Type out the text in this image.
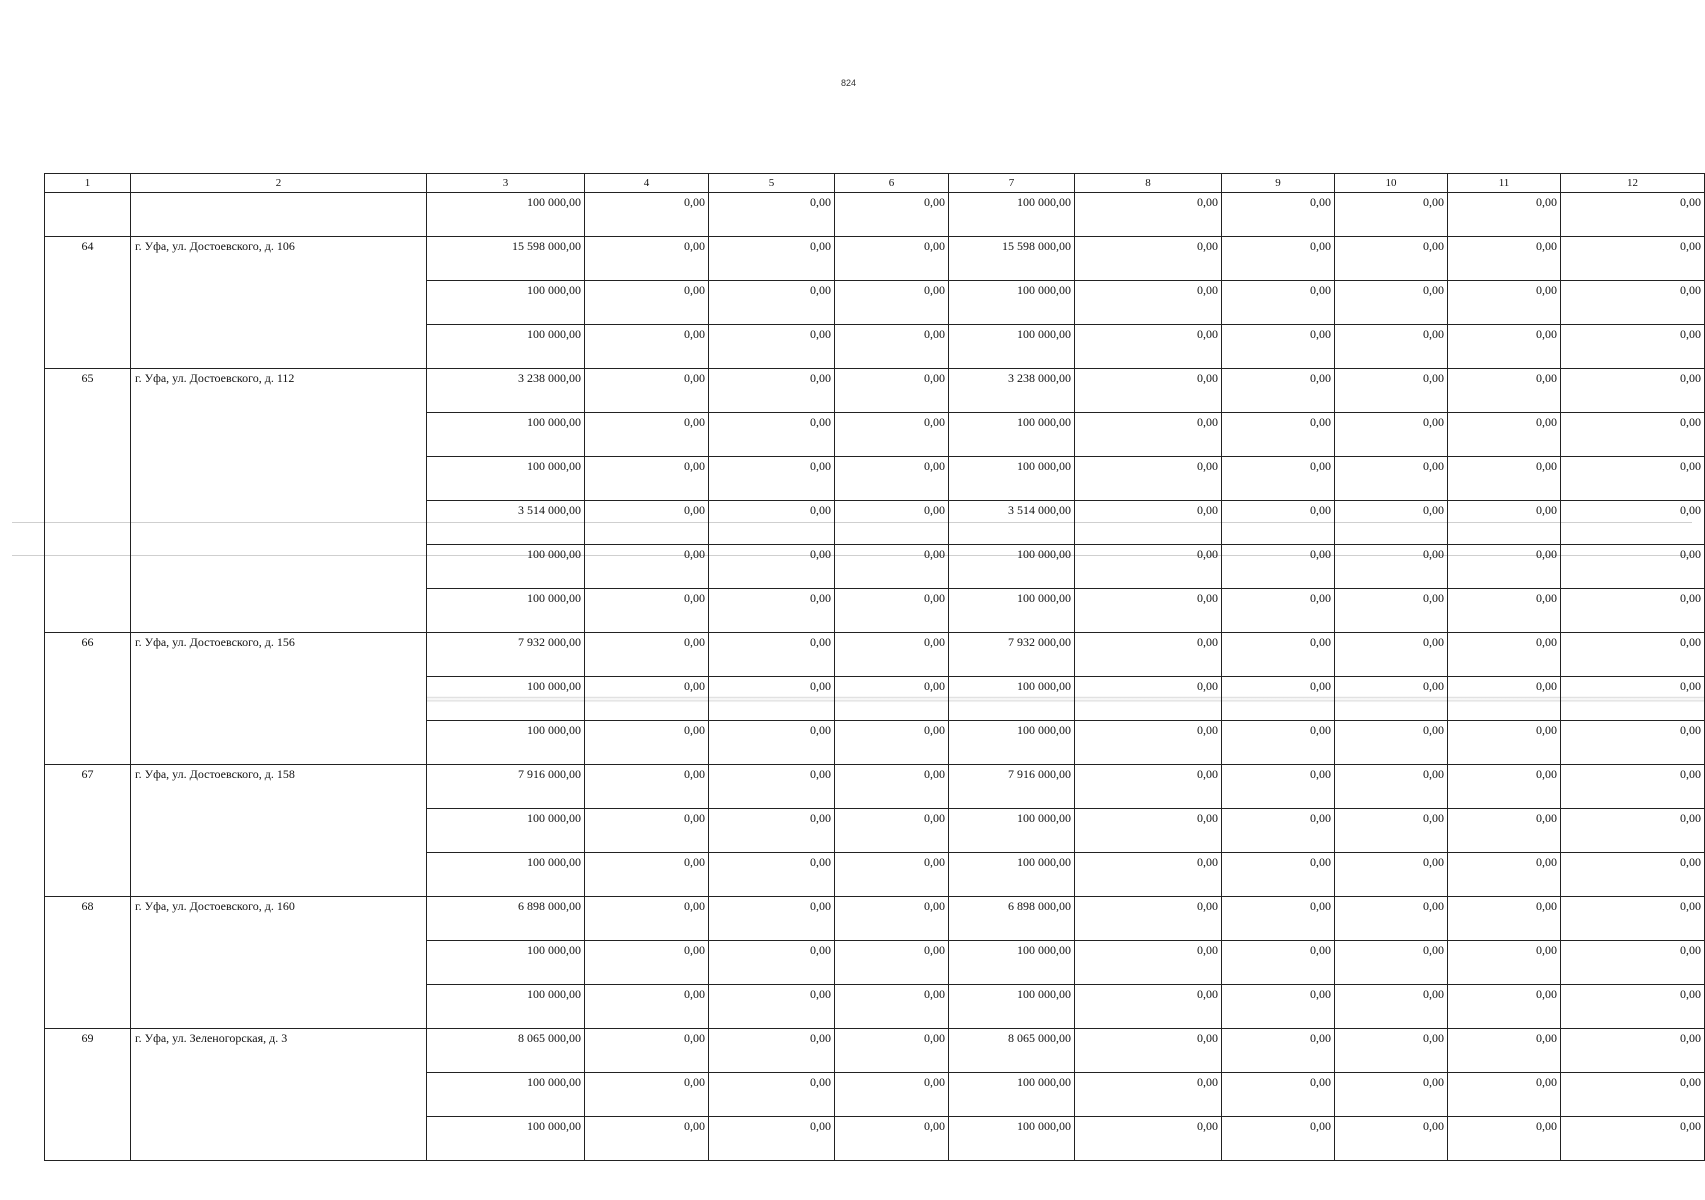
824
1	2	3	4	5	6	7	8	9	10	11	12
		100 000,00	0,00	0,00	0,00	100 000,00	0,00	0,00	0,00	0,00	0,00
64	г. Уфа, ул. Достоевского, д. 106	15 598 000,00	0,00	0,00	0,00	15 598 000,00	0,00	0,00	0,00	0,00	0,00
		100 000,00	0,00	0,00	0,00	100 000,00	0,00	0,00	0,00	0,00	0,00
		100 000,00	0,00	0,00	0,00	100 000,00	0,00	0,00	0,00	0,00	0,00
65	г. Уфа, ул. Достоевского, д. 112	3 238 000,00	0,00	0,00	0,00	3 238 000,00	0,00	0,00	0,00	0,00	0,00
		100 000,00	0,00	0,00	0,00	100 000,00	0,00	0,00	0,00	0,00	0,00
		100 000,00	0,00	0,00	0,00	100 000,00	0,00	0,00	0,00	0,00	0,00
		3 514 000,00	0,00	0,00	0,00	3 514 000,00	0,00	0,00	0,00	0,00	0,00
		100 000,00	0,00	0,00	0,00	100 000,00	0,00	0,00	0,00	0,00	0,00
		100 000,00	0,00	0,00	0,00	100 000,00	0,00	0,00	0,00	0,00	0,00
66	г. Уфа, ул. Достоевского, д. 156	7 932 000,00	0,00	0,00	0,00	7 932 000,00	0,00	0,00	0,00	0,00	0,00
		100 000,00	0,00	0,00	0,00	100 000,00	0,00	0,00	0,00	0,00	0,00
		100 000,00	0,00	0,00	0,00	100 000,00	0,00	0,00	0,00	0,00	0,00
67	г. Уфа, ул. Достоевского, д. 158	7 916 000,00	0,00	0,00	0,00	7 916 000,00	0,00	0,00	0,00	0,00	0,00
		100 000,00	0,00	0,00	0,00	100 000,00	0,00	0,00	0,00	0,00	0,00
		100 000,00	0,00	0,00	0,00	100 000,00	0,00	0,00	0,00	0,00	0,00
68	г. Уфа, ул. Достоевского, д. 160	6 898 000,00	0,00	0,00	0,00	6 898 000,00	0,00	0,00	0,00	0,00	0,00
		100 000,00	0,00	0,00	0,00	100 000,00	0,00	0,00	0,00	0,00	0,00
		100 000,00	0,00	0,00	0,00	100 000,00	0,00	0,00	0,00	0,00	0,00
69	г. Уфа, ул. Зеленогорская, д. 3	8 065 000,00	0,00	0,00	0,00	8 065 000,00	0,00	0,00	0,00	0,00	0,00
		100 000,00	0,00	0,00	0,00	100 000,00	0,00	0,00	0,00	0,00	0,00
		100 000,00	0,00	0,00	0,00	100 000,00	0,00	0,00	0,00	0,00	0,00
